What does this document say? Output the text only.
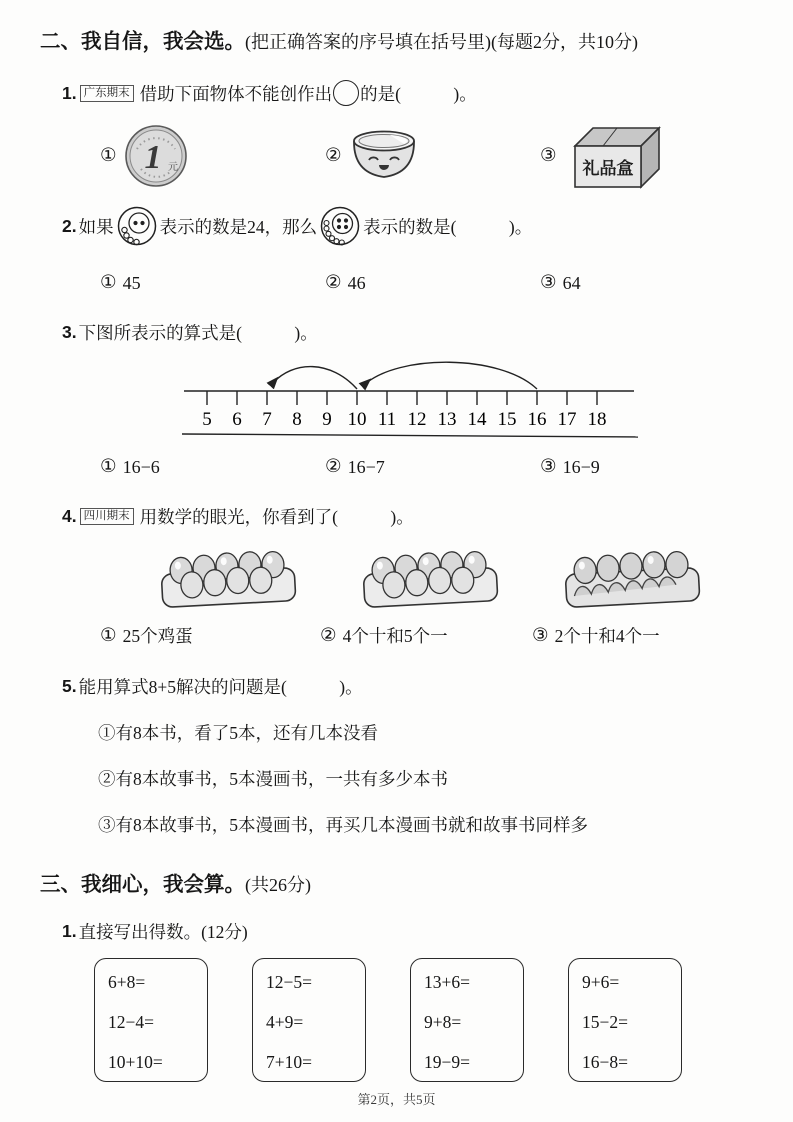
二、我自信，我会选。(把正确答案的序号填在括号里)(每题2分，共10分)
1. 广东期末 借助下面物体不能创作出 的是(　　　)。
① 1 元
②	③
礼品盒
2. 如果	表示的数是24，那么	表示的数是(　　　)。
① 45	② 46	③ 64
3. 下图所表示的算式是(　　　)。
5 6 7 8 9 10 11 12 13 14 15 16 17 18
① 16−6	② 16−7	③ 16−9
4. 四川期末 用数学的眼光，你看到了(　　　)。
① 25个鸡蛋	② 4个十和5个一	③ 2个十和4个一
5. 能用算式8+5解决的问题是(　　　)。
①有8本书，看了5本，还有几本没看
②有8本故事书，5本漫画书，一共有多少本书
③有8本故事书，5本漫画书，再买几本漫画书就和故事书同样多
三、我细心，我会算。(共26分)
1. 直接写出得数。 (12分)
6+8=
12−4=
10+10=
12−5=
4+9=
7+10=
13+6=
9+8=
19−9=
9+6=
15−2=
16−8=
第2页，共5页
